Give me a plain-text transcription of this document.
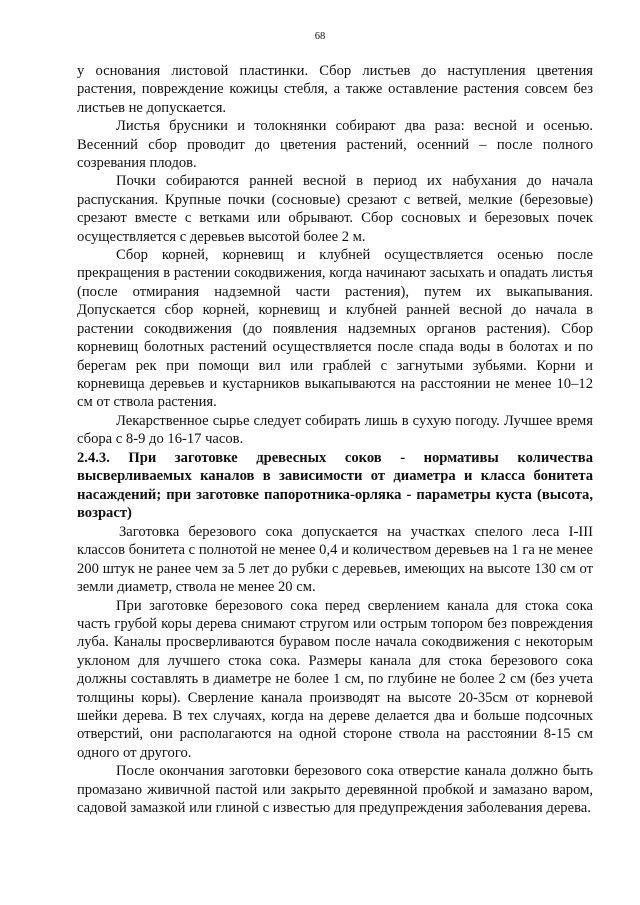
68

у основания листовой пластинки. Сбор листьев до наступления цветения растения, повреждение кожицы стебля, а также оставление растения совсем без листьев не допускается.

Листья брусники и толокнянки собирают два раза: весной и осенью. Весенний сбор проводит до цветения растений, осенний – после полного созревания плодов.

Почки собираются ранней весной в период их набухания до начала распускания. Крупные почки (сосновые) срезают с ветвей, мелкие (березовые) срезают вместе с ветками или обрывают. Сбор сосновых и березовых почек осуществляется с деревьев высотой более 2 м.

Сбор корней, корневищ и клубней осуществляется осенью после прекращения в растении сокодвижения, когда начинают засыхать и опадать листья (после отмирания надземной части растения), путем их выкапывания. Допускается сбор корней, корневищ и клубней ранней весной до начала в растении сокодвижения (до появления надземных органов растения). Сбор корневищ болотных растений осуществляется после спада воды в болотах и по берегам рек при помощи вил или граблей с загнутыми зубьями. Корни и корневища деревьев и кустарников выкапываются на расстоянии не менее 10–12 см от ствола растения.

Лекарственное сырье следует собирать лишь в сухую погоду. Лучшее время сбора с 8-9 до 16-17 часов.

2.4.3. При заготовке древесных соков - нормативы количества высверливаемых каналов в зависимости от диаметра и класса бонитета насаждений; при заготовке папоротника-орляка - параметры куста (высота, возраст)

Заготовка березового сока допускается на участках спелого леса I-III классов бонитета с полнотой не менее 0,4 и количеством деревьев на 1 га не менее 200 штук не ранее чем за 5 лет до рубки с деревьев, имеющих на высоте 130 см от земли диаметр, ствола не менее 20 см.

При заготовке березового сока перед сверлением канала для стока сока часть грубой коры дерева снимают стругом или острым топором без повреждения луба. Каналы просверливаются буравом после начала сокодвижения с некоторым уклоном для лучшего стока сока. Размеры канала для стока березового сока должны составлять в диаметре не более 1 см, по глубине не более 2 см (без учета толщины коры). Сверление канала производят на высоте 20-35см от корневой шейки дерева. В тех случаях, когда на дереве делается два и больше подсочных отверстий, они располагаются на одной стороне ствола на расстоянии 8-15 см одного от другого.

После окончания заготовки березового сока отверстие канала должно быть промазано живичной пастой или закрыто деревянной пробкой и замазано варом, садовой замазкой или глиной с известью для предупреждения заболевания дерева.
